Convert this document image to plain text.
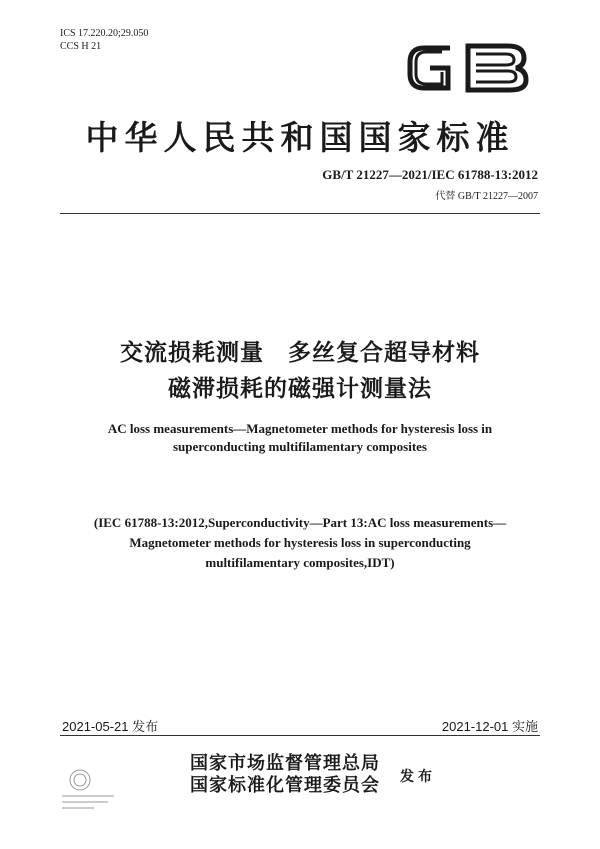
ICS 17.220.20;29.050
CCS H 21
中华人民共和国国家标准
GB/T 21227—2021/IEC 61788-13:2012
代替 GB/T 21227—2007
交流损耗测量　多丝复合超导材料
磁滞损耗的磁强计测量法
AC loss measurements—Magnetometer methods for hysteresis loss in
superconducting multifilamentary composites
(IEC 61788-13:2012,Superconductivity—Part 13:AC loss measurements—
Magnetometer methods for hysteresis loss in superconducting
multifilamentary composites,IDT)
2021-05-21 发布	2021-12-01 实施
国家市场监督管理总局
国家标准化管理委员会 发布
